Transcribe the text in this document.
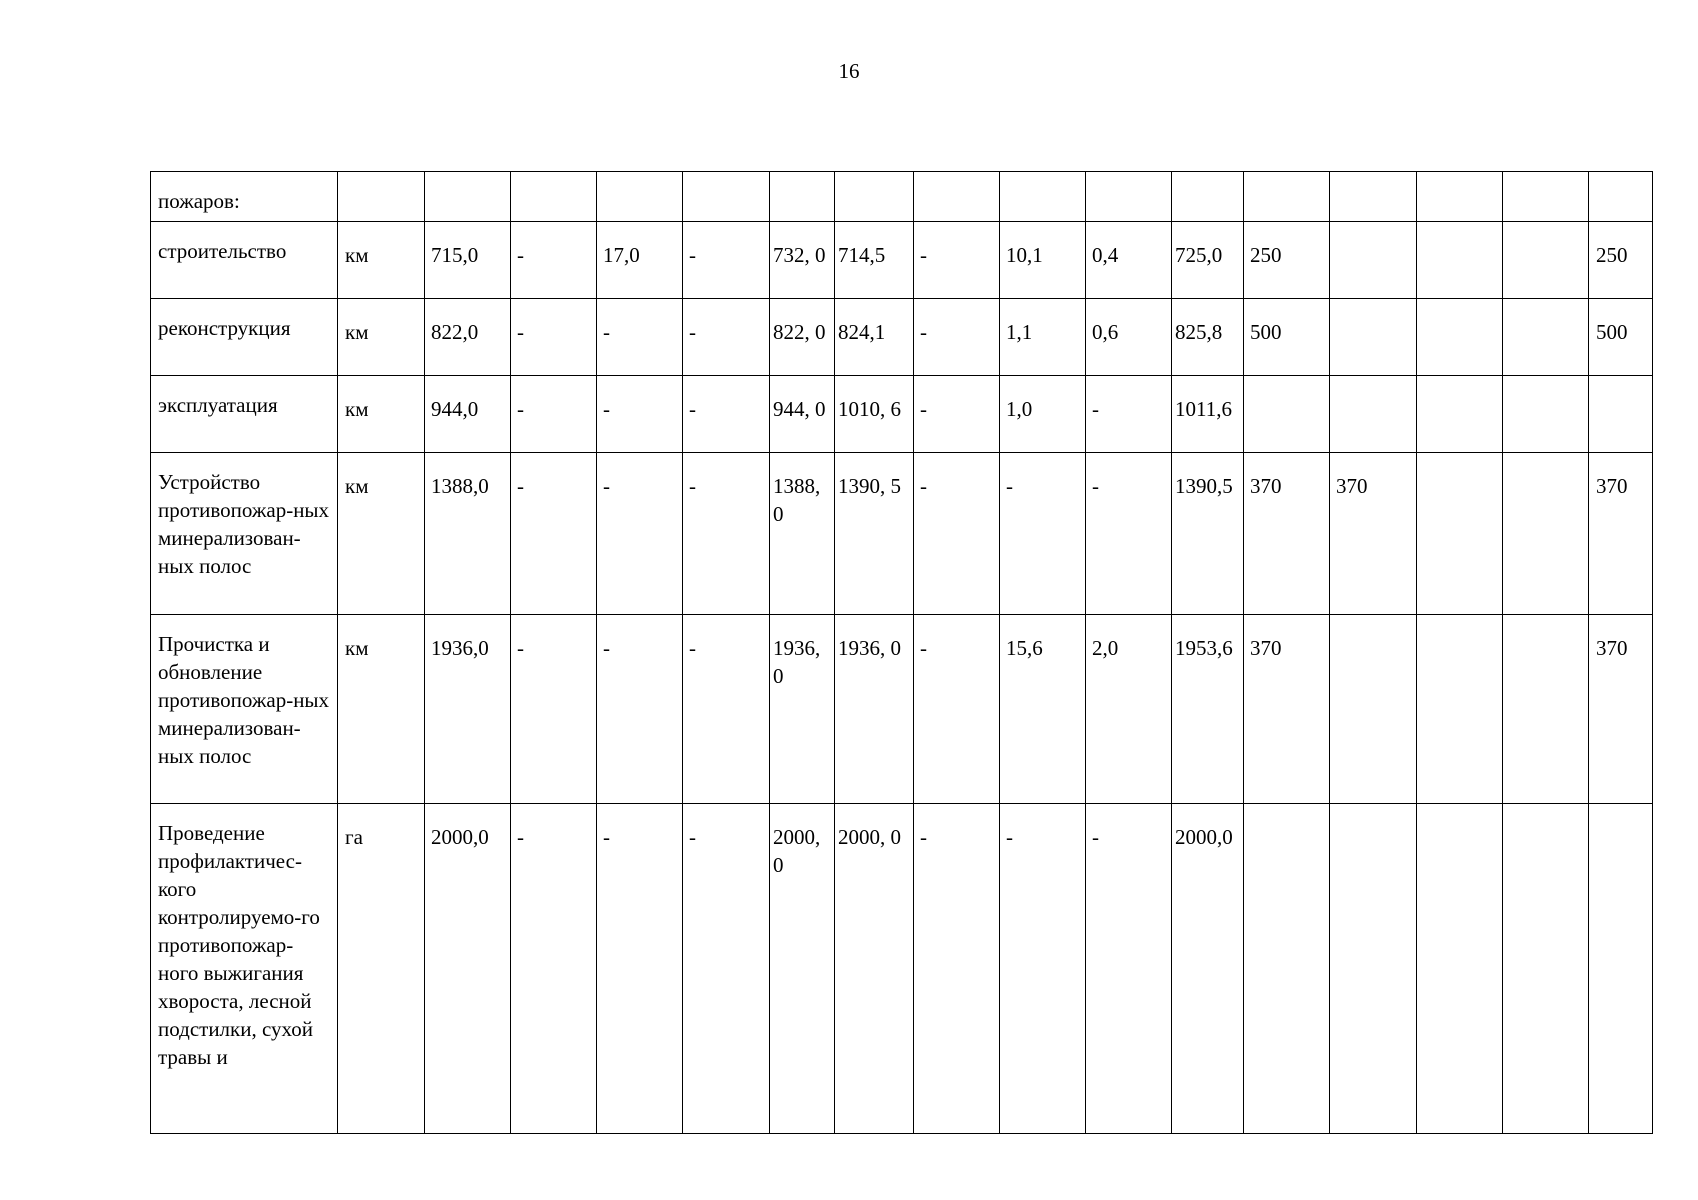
16
пожаров:																
строительство	км	715,0	-	17,0	-	732, 0	714,5	-	10,1	0,4	725,0	250				250
реконструкция	км	822,0	-	-	-	822, 0	824,1	-	1,1	0,6	825,8	500				500
эксплуатация	км	944,0	-	-	-	944, 0	1010, 6	-	1,0	-	1011,6					
Устройство противопожар-ных минерализован-ных полос	км	1388,0	-	-	-	1388, 0	1390, 5	-	-	-	1390,5	370	370			370
Прочистка и обновление противопожар-ных минерализован-ных полос	км	1936,0	-	-	-	1936, 0	1936, 0	-	15,6	2,0	1953,6	370				370
Проведение профилактичес-кого контролируемо-го противопожар-ного выжигания хвороста, лесной подстилки, сухой травы и	га	2000,0	-	-	-	2000, 0	2000, 0	-	-	-	2000,0					
